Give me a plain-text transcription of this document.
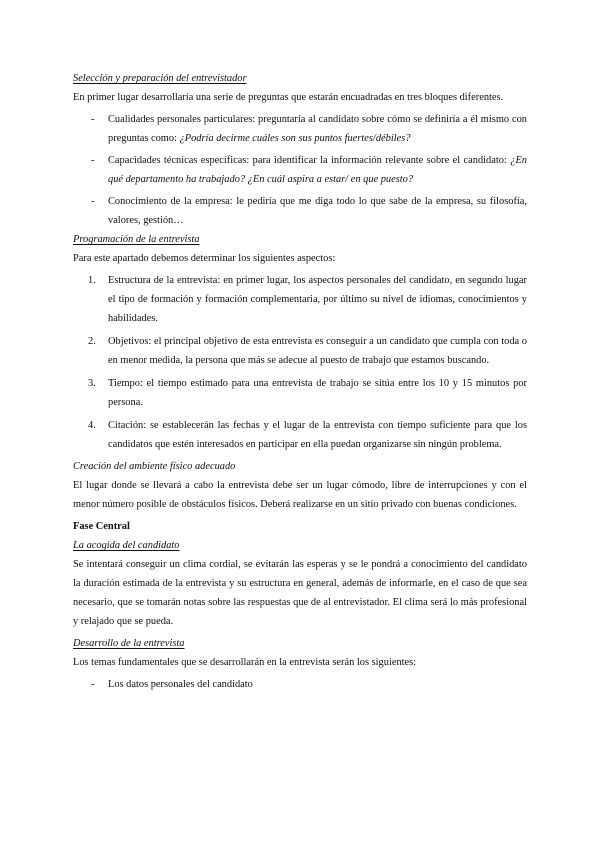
Selección y preparación del entrevistador

En primer lugar desarrollaría una serie de preguntas que estarán encuadradas en tres bloques diferentes.

- Cualidades personales particulares: preguntaría al candidato sobre cómo se definiría a él mismo con preguntas como: ¿Podría decirme cuáles son sus puntos fuertes/débiles?
- Capacidades técnicas específicas: para identificar la información relevante sobre el candidato: ¿En qué departamento ha trabajado? ¿En cuál aspira a estar/ en que puesto?
- Conocimiento de la empresa: le pediría que me diga todo lo que sabe de la empresa, su filosofía, valores, gestión…
Programación de la entrevista

Para este apartado debemos determinar los siguientes aspectos:

1. Estructura de la entrevista: en primer lugar, los aspectos personales del candidato, en segundo lugar el tipo de formación y formación complementaria, por último su nivel de idiomas, conocimientos y habilidades.
2. Objetivos: el principal objetivo de esta entrevista es conseguir a un candidato que cumpla con toda o en menor medida, la persona que más se adecue al puesto de trabajo que estamos buscando.
3. Tiempo: el tiempo estimado para una entrevista de trabajo se sitúa entre los 10 y 15 minutos por persona.
4. Citación: se establecerán las fechas y el lugar de la entrevista con tiempo suficiente para que los candidatos que estén interesados en participar en ella puedan organizarse sin ningún problema.
Creación del ambiente físico adecuado

El lugar donde se llevará a cabo la entrevista debe ser un lugar cómodo, libre de interrupciones y con el menor número posible de obstáculos físicos. Deberá realizarse en un sitio privado con buenas condiciones.

Fase Central
La acogida del candidato

Se intentará conseguir un clima cordial, se evitarán las esperas y se le pondrá a conocimiento del candidato la duración estimada de la entrevista y su estructura en general, además de informarle, en el caso de que sea necesario, que se tomarán notas sobre las respuestas que de al entrevistador. El clima será lo más profesional y relajado que se pueda.

Desarrollo de la entrevista

Los temas fundamentales que se desarrollarán en la entrevista serán los siguientes:

- Los datos personales del candidato
